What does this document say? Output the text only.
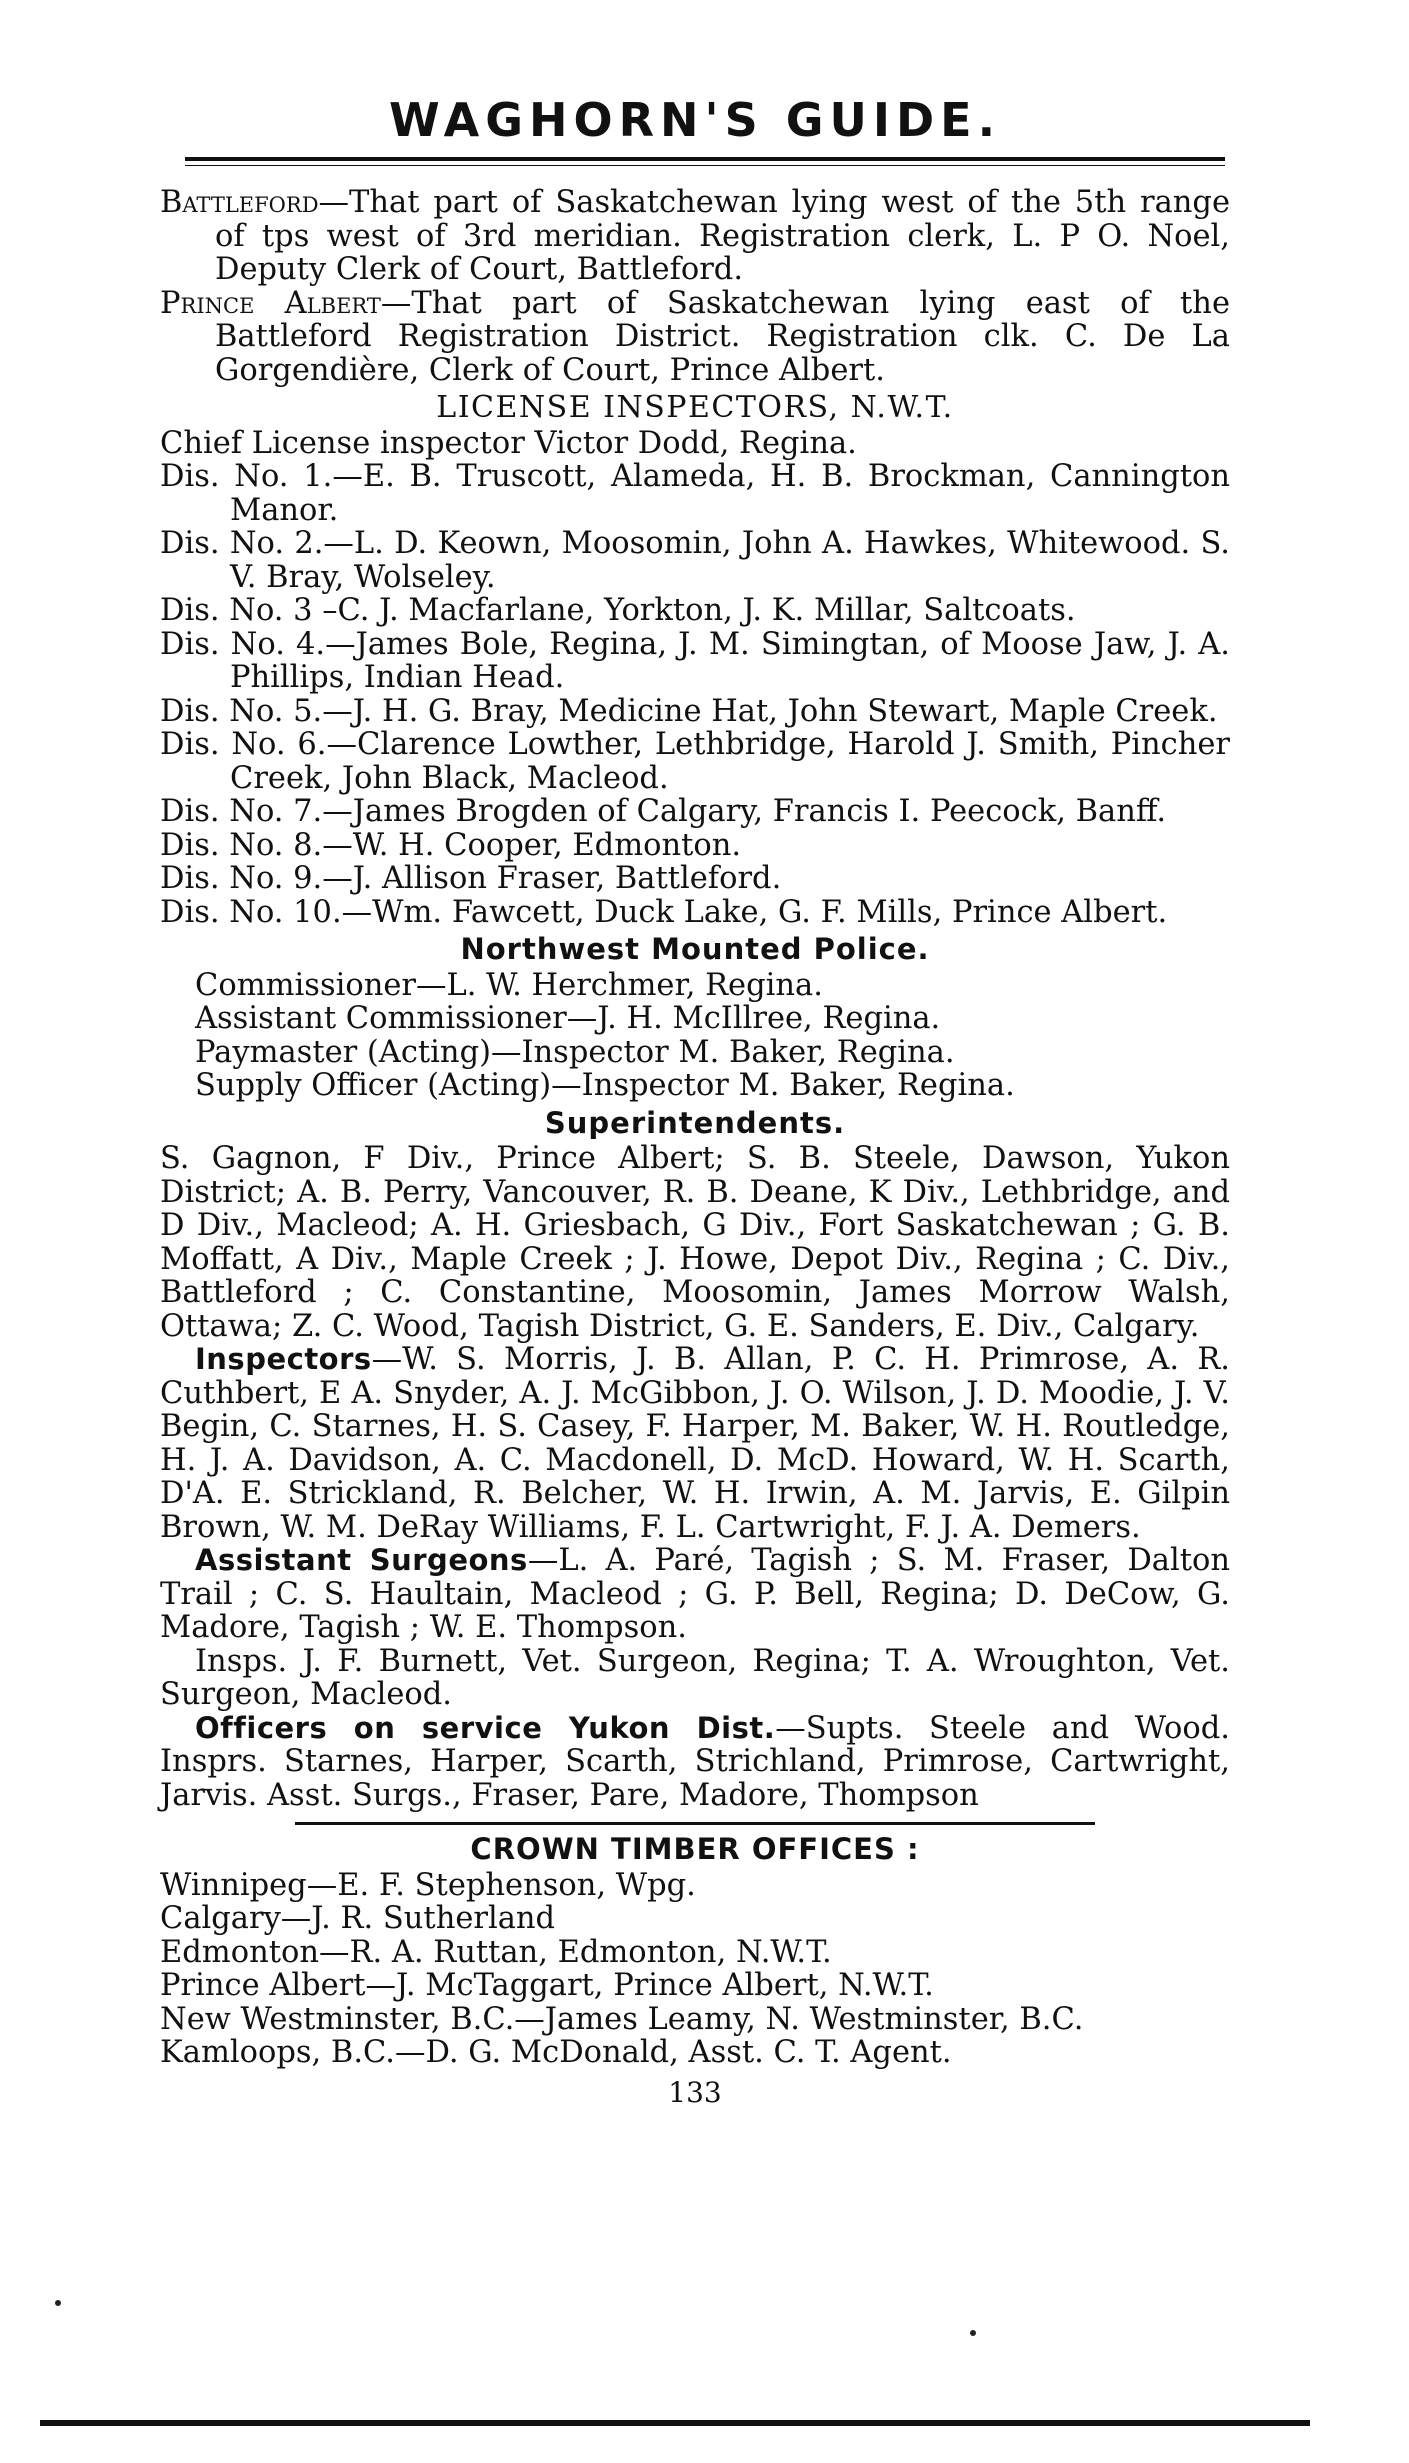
WAGHORN'S GUIDE.

Battleford—That part of Saskatchewan lying west of the 5th range of tps west of 3rd meridian. Registration clerk, L. P O. Noel, Deputy Clerk of Court, Battleford.

Prince Albert—That part of Saskatchewan lying east of the Battleford Registration District. Registration clk. C. De La Gorgendière, Clerk of Court, Prince Albert.

LICENSE INSPECTORS, N.W.T.

Chief License inspector Victor Dodd, Regina.

Dis. No. 1.—E. B. Truscott, Alameda, H. B. Brockman, Cannington Manor.

Dis. No. 2.—L. D. Keown, Moosomin, John A. Hawkes, Whitewood. S. V. Bray, Wolseley.

Dis. No. 3 –C. J. Macfarlane, Yorkton, J. K. Millar, Saltcoats.

Dis. No. 4.—James Bole, Regina, J. M. Simingtan, of Moose Jaw, J. A. Phillips, Indian Head.

Dis. No. 5.—J. H. G. Bray, Medicine Hat, John Stewart, Maple Creek.

Dis. No. 6.—Clarence Lowther, Lethbridge, Harold J. Smith, Pincher Creek, John Black, Macleod.

Dis. No. 7.—James Brogden of Calgary, Francis I. Peecock, Banff.

Dis. No. 8.—W. H. Cooper, Edmonton.

Dis. No. 9.—J. Allison Fraser, Battleford.

Dis. No. 10.—Wm. Fawcett, Duck Lake, G. F. Mills, Prince Albert.

Northwest Mounted Police.

Commissioner—L. W. Herchmer, Regina.

Assistant Commissioner—J. H. McIllree, Regina.

Paymaster (Acting)—Inspector M. Baker, Regina.

Supply Officer (Acting)—Inspector M. Baker, Regina.

Superintendents.

S. Gagnon, F Div., Prince Albert; S. B. Steele, Dawson, Yukon District; A. B. Perry, Vancouver, R. B. Deane, K Div., Lethbridge, and D Div., Macleod; A. H. Griesbach, G Div., Fort Saskatchewan ; G. B. Moffatt, A Div., Maple Creek ; J. Howe, Depot Div., Regina ; C. Div., Battleford ; C. Constantine, Moosomin, James Morrow Walsh, Ottawa; Z. C. Wood, Tagish District, G. E. Sanders, E. Div., Calgary.

Inspectors—W. S. Morris, J. B. Allan, P. C. H. Primrose, A. R. Cuthbert, E A. Snyder, A. J. McGibbon, J. O. Wilson, J. D. Moodie, J. V. Begin, C. Starnes, H. S. Casey, F. Harper, M. Baker, W. H. Routledge, H. J. A. Davidson, A. C. Macdonell, D. McD. Howard, W. H. Scarth, D'A. E. Strickland, R. Belcher, W. H. Irwin, A. M. Jarvis, E. Gilpin Brown, W. M. DeRay Williams, F. L. Cartwright, F. J. A. Demers.

Assistant Surgeons—L. A. Paré, Tagish ; S. M. Fraser, Dalton Trail ; C. S. Haultain, Macleod ; G. P. Bell, Regina; D. DeCow, G. Madore, Tagish ; W. E. Thompson.

Insps. J. F. Burnett, Vet. Surgeon, Regina; T. A. Wroughton, Vet. Surgeon, Macleod.

Officers on service Yukon Dist.—Supts. Steele and Wood. Insprs. Starnes, Harper, Scarth, Strichland, Primrose, Cartwright, Jarvis. Asst. Surgs., Fraser, Pare, Madore, Thompson

CROWN TIMBER OFFICES :

Winnipeg—E. F. Stephenson, Wpg.

Calgary—J. R. Sutherland

Edmonton—R. A. Ruttan, Edmonton, N.W.T.

Prince Albert—J. McTaggart, Prince Albert, N.W.T.

New Westminster, B.C.—James Leamy, N. Westminster, B.C.

Kamloops, B.C.—D. G. McDonald, Asst. C. T. Agent.

133
